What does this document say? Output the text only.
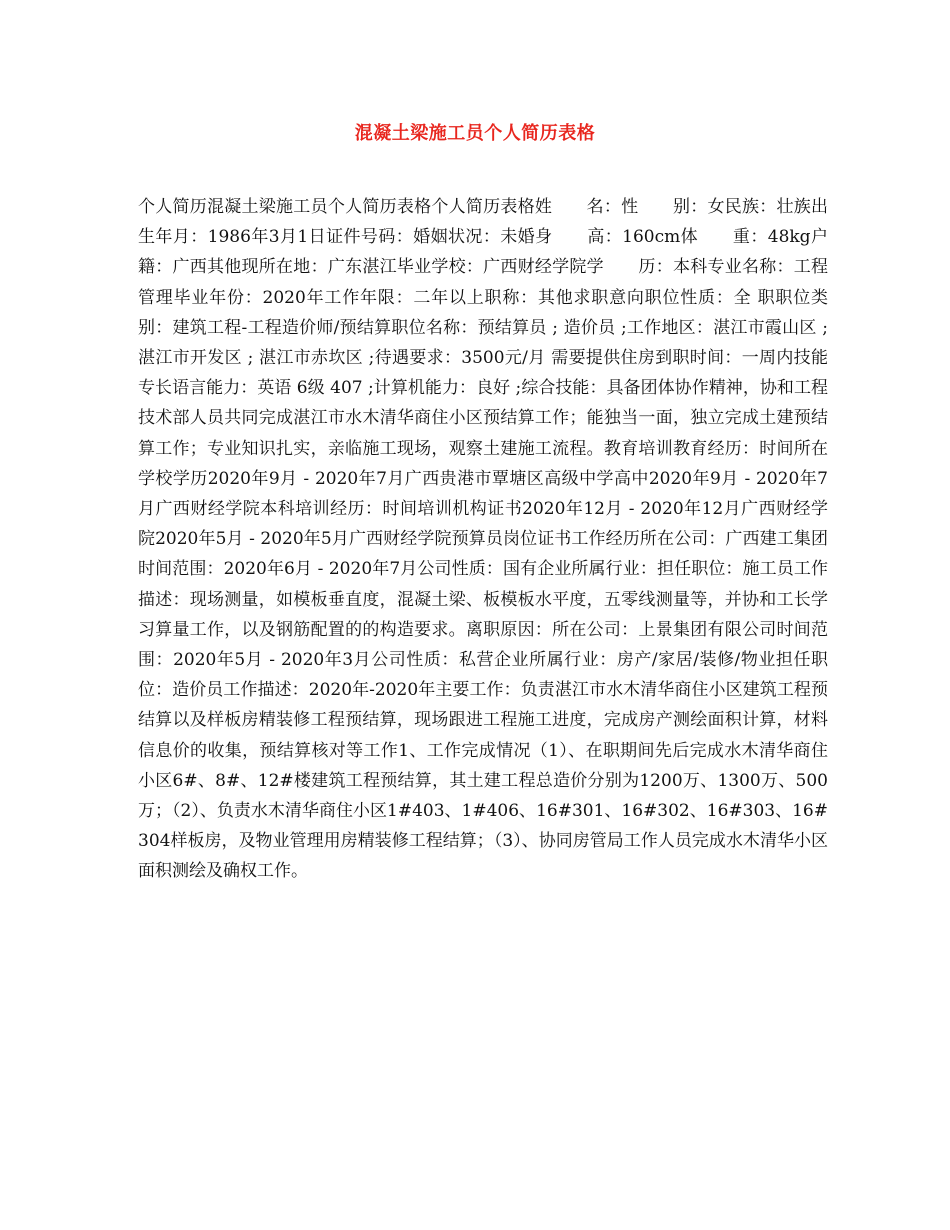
混凝土梁施工员个人简历表格
个人简历混凝土梁施工员个人简历表格个人简历表格姓　　名：性　　别：女民族：壮族出生年月：1986年3月1日证件号码：婚姻状况：未婚身　　高：160cm体　　重：48kg户　　籍：广西其他现所在地：广东湛江毕业学校：广西财经学院学　　历：本科专业名称：工程管理毕业年份：2020年工作年限：二年以上职称：其他求职意向职位性质：全 职职位类别：建筑工程-工程造价师/预结算职位名称：预结算员 ; 造价员 ;工作地区：湛江市霞山区 ; 湛江市开发区 ; 湛江市赤坎区 ;待遇要求：3500元/月 需要提供住房到职时间：一周内技能专长语言能力：英语 6级 407 ;计算机能力：良好 ;综合技能：具备团体协作精神，协和工程技术部人员共同完成湛江市水木清华商住小区预结算工作；能独当一面，独立完成土建预结算工作；专业知识扎实，亲临施工现场，观察土建施工流程。教育培训教育经历：时间所在学校学历2020年9月 - 2020年7月广西贵港市覃塘区高级中学高中2020年9月 - 2020年7月广西财经学院本科培训经历：时间培训机构证书2020年12月 - 2020年12月广西财经学院2020年5月 - 2020年5月广西财经学院预算员岗位证书工作经历所在公司：广西建工集团时间范围：2020年6月 - 2020年7月公司性质：国有企业所属行业：担任职位：施工员工作描述：现场测量，如模板垂直度，混凝土梁、板模板水平度，五零线测量等，并协和工长学习算量工作，以及钢筋配置的的构造要求。离职原因：所在公司：上景集团有限公司时间范围：2020年5月 - 2020年3月公司性质：私营企业所属行业：房产/家居/装修/物业担任职位：造价员工作描述：2020年-2020年主要工作：负责湛江市水木清华商住小区建筑工程预结算以及样板房精装修工程预结算，现场跟进工程施工进度，完成房产测绘面积计算，材料信息价的收集，预结算核对等工作1、工作完成情况（1）、在职期间先后完成水木清华商住小区6#、8#、12#楼建筑工程预结算，其土建工程总造价分别为1200万、1300万、500万；（2）、负责水木清华商住小区1#403、1#406、16#301、16#302、16#303、16#304样板房，及物业管理用房精装修工程结算；（3）、协同房管局工作人员完成水木清华小区面积测绘及确权工作。
